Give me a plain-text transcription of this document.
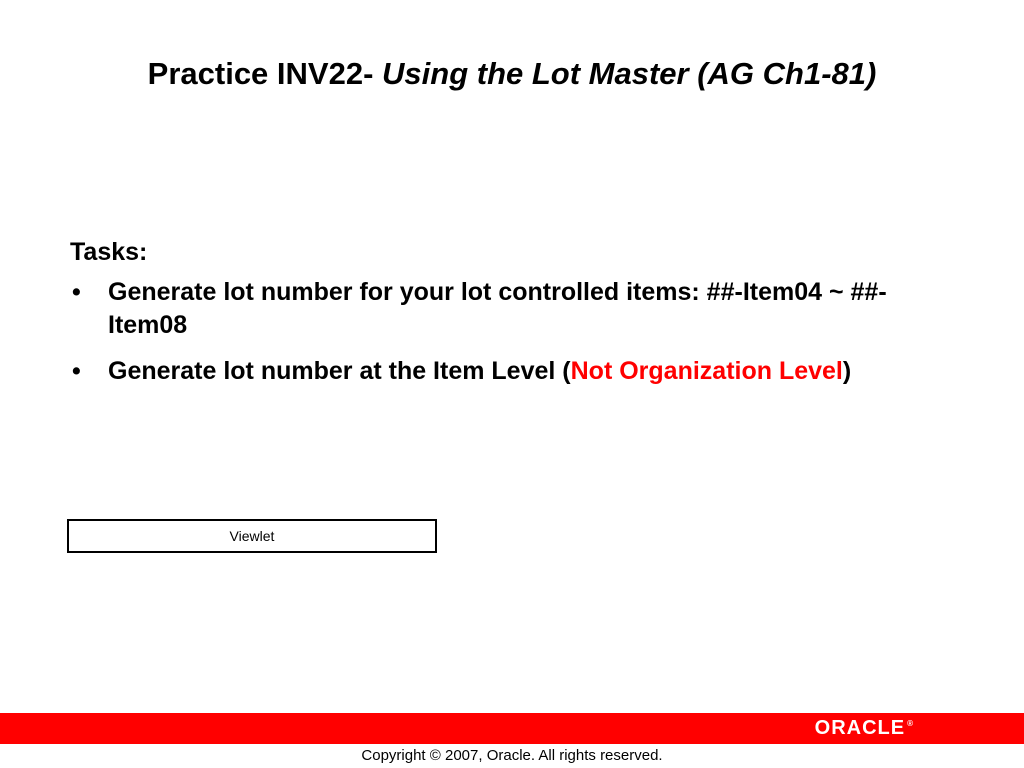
Practice INV22- Using the Lot Master (AG Ch1-81)
Tasks:
• Generate lot number for your lot controlled items: ##-Item04 ~ ##-Item08
• Generate lot number at the Item Level (Not Organization Level)
Viewlet
ORACLE ®
Copyright © 2007, Oracle. All rights reserved.
